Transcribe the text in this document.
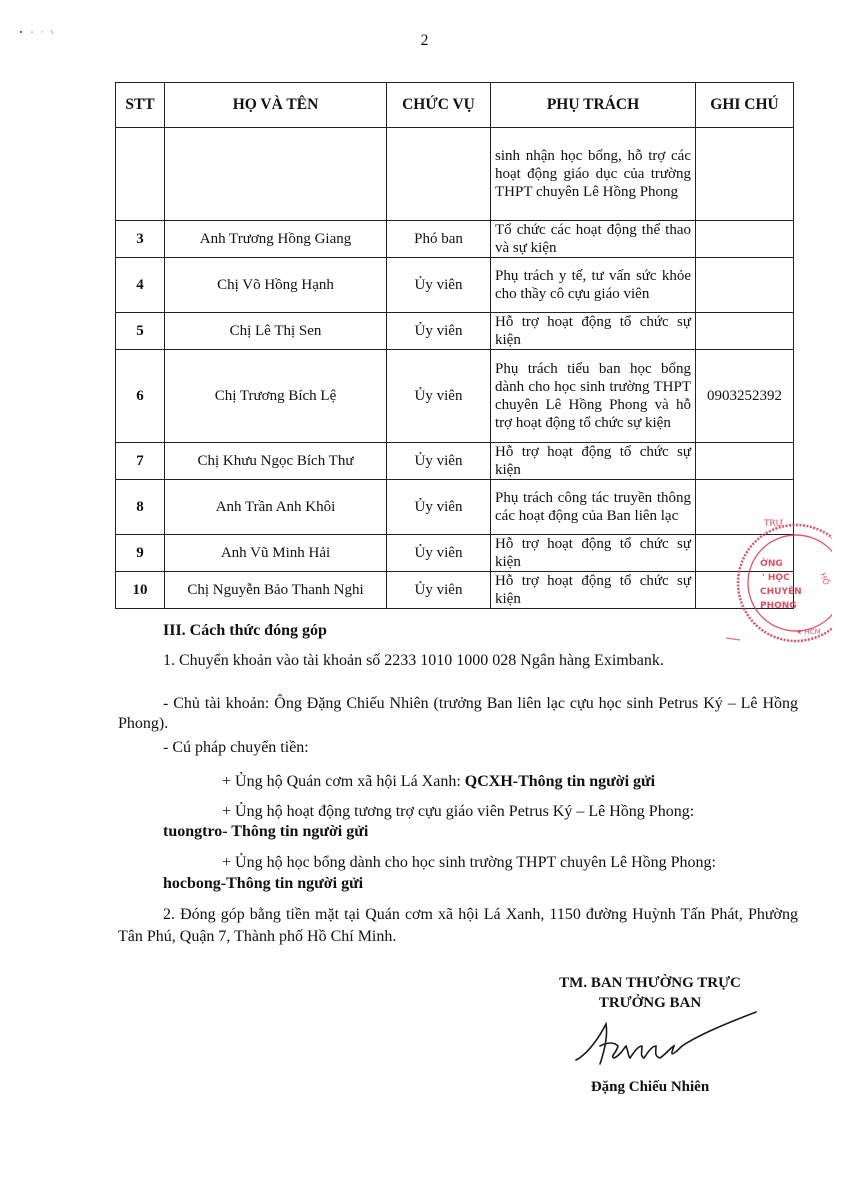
2
STT	HỌ VÀ TÊN	CHỨC VỤ	PHỤ TRÁCH	GHI CHÚ
			sinh nhận học bổng, hỗ trợ các hoạt động giáo dục của trường THPT chuyên Lê Hồng Phong	
3	Anh Trương Hồng Giang	Phó ban	Tổ chức các hoạt động thể thao và sự kiện	
4	Chị Võ Hồng Hạnh	Ủy viên	Phụ trách y tế, tư vấn sức khỏe cho thầy cô cựu giáo viên	
5	Chị Lê Thị Sen	Ủy viên	Hỗ trợ hoạt động tổ chức sự kiện	
6	Chị Trương Bích Lệ	Ủy viên	Phụ trách tiểu ban học bổng dành cho học sinh trường THPT chuyên Lê Hồng Phong và hỗ trợ hoạt động tổ chức sự kiện	0903252392
7	Chị Khưu Ngọc Bích Thư	Ủy viên	Hỗ trợ hoạt động tổ chức sự kiện	
8	Anh Trần Anh Khôi	Ủy viên	Phụ trách công tác truyền thông các hoạt động của Ban liên lạc	
9	Anh Vũ Minh Hải	Ủy viên	Hỗ trợ hoạt động tổ chức sự kiện	
10	Chị Nguyễn Bảo Thanh Nghi	Ủy viên	Hỗ trợ hoạt động tổ chức sự kiện	
TRƯ
HỒ
ỜNG
' HỌC
CHUYÊN
PHONG
★ HCM
III. Cách thức đóng góp
1. Chuyển khoản vào tài khoản số 2233 1010 1000 028 Ngân hàng Eximbank.
- Chủ tài khoản: Ông Đặng Chiếu Nhiên (trưởng Ban liên lạc cựu học sinh Petrus Ký – Lê Hồng Phong).
- Cú pháp chuyển tiền:
+ Ủng hộ Quán cơm xã hội Lá Xanh: QCXH-Thông tin người gửi
+ Ủng hộ hoạt động tương trợ cựu giáo viên Petrus Ký – Lê Hồng Phong:
tuongtro- Thông tin người gửi
+ Ủng hộ học bổng dành cho học sinh trường THPT chuyên Lê Hồng Phong:
hocbong-Thông tin người gửi
2. Đóng góp bằng tiền mặt tại Quán cơm xã hội Lá Xanh, 1150 đường Huỳnh Tấn Phát, Phường Tân Phú, Quận 7, Thành phố Hồ Chí Minh.
TM. BAN THƯỜNG TRỰC
TRƯỞNG BAN
Đặng Chiếu Nhiên
